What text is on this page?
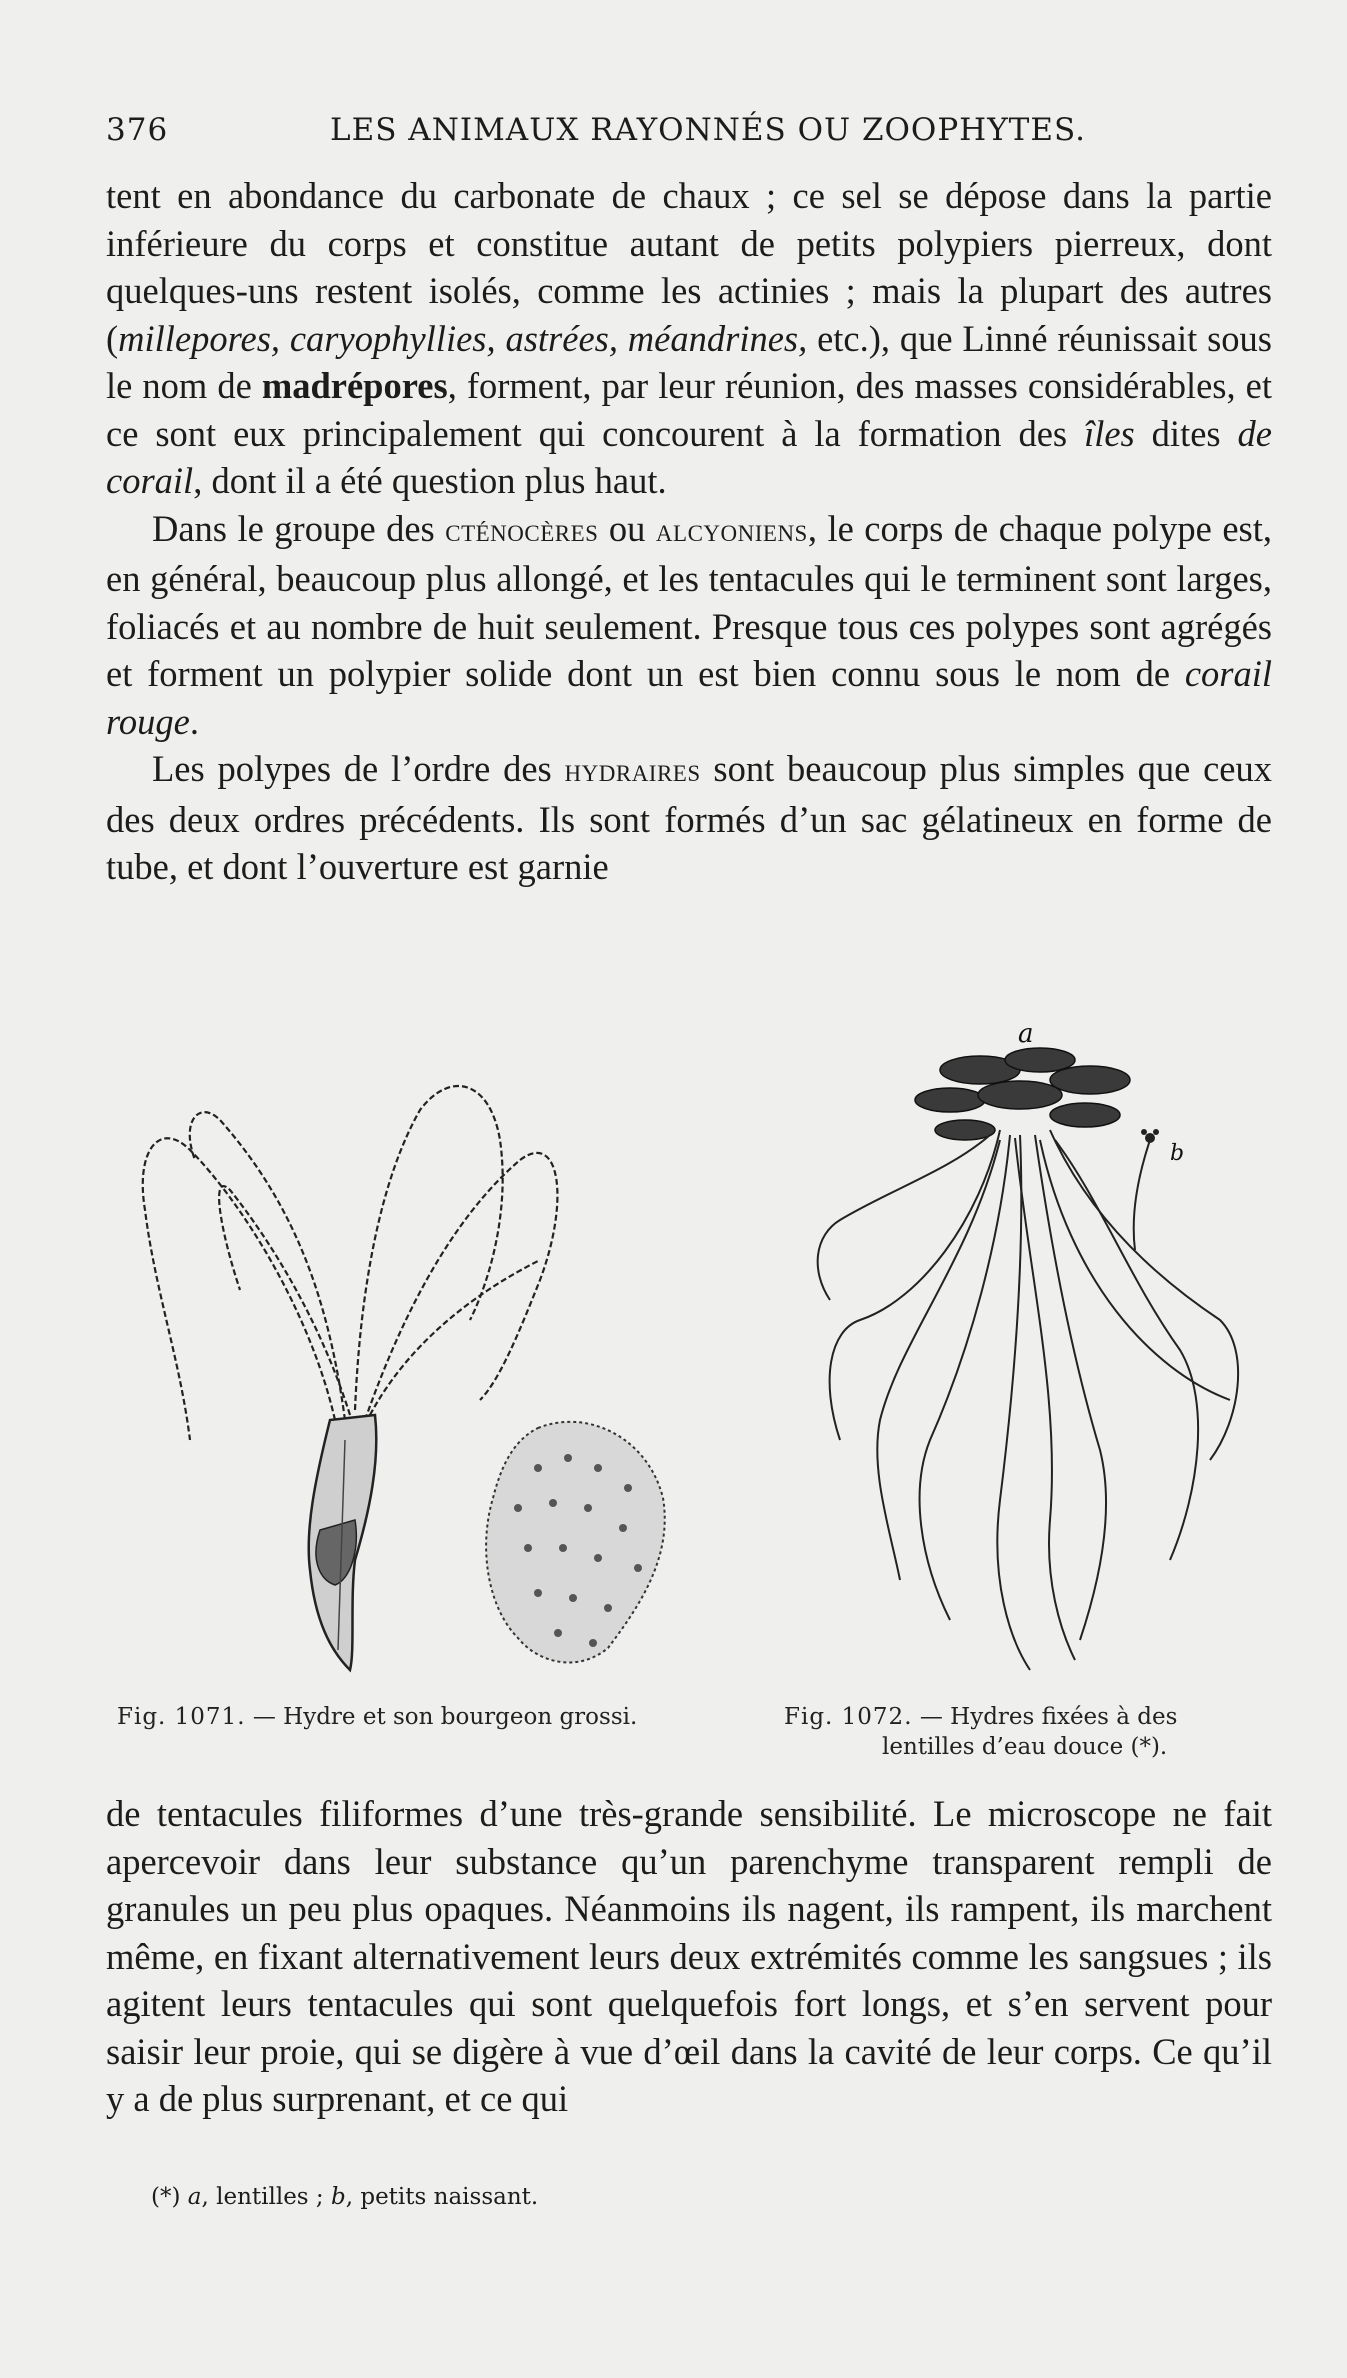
376	LES ANIMAUX RAYONNÉS OU ZOOPHYTES.

tent en abondance du carbonate de chaux ; ce sel se dépose dans la partie inférieure du corps et constitue autant de petits polypiers pierreux, dont quelques-uns restent isolés, comme les actinies ; mais la plupart des autres (millepores, caryophyllies, astrées, méandrines, etc.), que Linné réunissait sous le nom de madrépores, forment, par leur réunion, des masses considérables, et ce sont eux principalement qui concourent à la formation des îles dites de corail, dont il a été question plus haut.

Dans le groupe des cténocères ou alcyoniens, le corps de chaque polype est, en général, beaucoup plus allongé, et les tentacules qui le terminent sont larges, foliacés et au nombre de huit seulement. Presque tous ces polypes sont agrégés et forment un polypier solide dont un est bien connu sous le nom de corail rouge.

Les polypes de l’ordre des hydraires sont beaucoup plus simples que ceux des deux ordres précédents. Ils sont formés d’un sac gélatineux en forme de tube, et dont l’ouverture est garnie

a
b
Fig. 1071. — Hydre et son bourgeon grossi.	Fig. 1072. — Hydres fixées à des
lentilles d’eau douce (*).

de tentacules filiformes d’une très-grande sensibilité. Le microscope ne fait apercevoir dans leur substance qu’un parenchyme transparent rempli de granules un peu plus opaques. Néanmoins ils nagent, ils rampent, ils marchent même, en fixant alternativement leurs deux extrémités comme les sangsues ; ils agitent leurs tentacules qui sont quelquefois fort longs, et s’en servent pour saisir leur proie, qui se digère à vue d’œil dans la cavité de leur corps. Ce qu’il y a de plus surprenant, et ce qui

(*) a, lentilles ; b, petits naissant.
